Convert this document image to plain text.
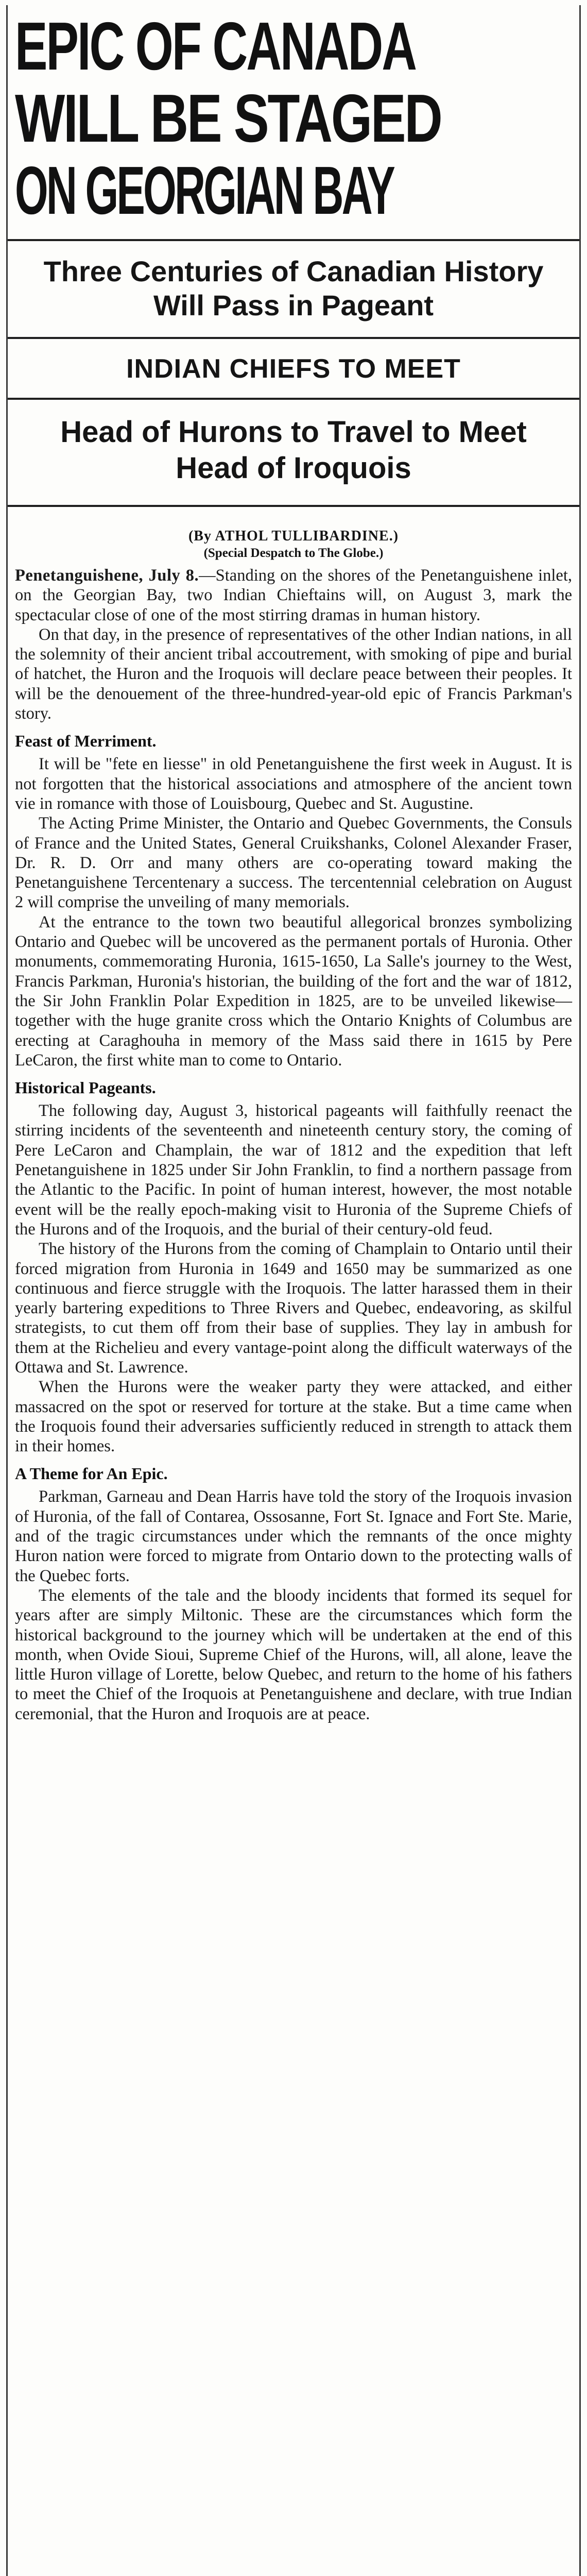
EPIC OF CANADA
WILL BE STAGED
ON GEORGIAN BAY
Three Centuries of Canadian History Will Pass in Pageant
INDIAN CHIEFS TO MEET
Head of Hurons to Travel to Meet Head of Iroquois
(By ATHOL TULLIBARDINE.)
(Special Despatch to The Globe.)

Penetanguishene, July 8.—Standing on the shores of the Penetanguishene inlet, on the Georgian Bay, two Indian Chieftains will, on August 3, mark the spectacular close of one of the most stirring dramas in human history.

On that day, in the presence of representatives of the other Indian nations, in all the solemnity of their ancient tribal accoutrement, with smoking of pipe and burial of hatchet, the Huron and the Iroquois will declare peace between their peoples. It will be the denouement of the three-hundred-year-old epic of Francis Parkman's story.

Feast of Merriment.

It will be "fete en liesse" in old Penetanguishene the first week in August. It is not forgotten that the historical associations and atmosphere of the ancient town vie in romance with those of Louisbourg, Quebec and St. Augustine.

The Acting Prime Minister, the Ontario and Quebec Governments, the Consuls of France and the United States, General Cruikshanks, Colonel Alexander Fraser, Dr. R. D. Orr and many others are co-operating toward making the Penetanguishene Tercentenary a success. The tercentennial celebration on August 2 will comprise the unveiling of many memorials.

At the entrance to the town two beautiful allegorical bronzes symbolizing Ontario and Quebec will be uncovered as the permanent portals of Huronia. Other monuments, commemorating Huronia, 1615-1650, La Salle's journey to the West, Francis Parkman, Huronia's historian, the building of the fort and the war of 1812, the Sir John Franklin Polar Expedition in 1825, are to be unveiled likewise—together with the huge granite cross which the Ontario Knights of Columbus are erecting at Caraghouha in memory of the Mass said there in 1615 by Pere LeCaron, the first white man to come to Ontario.

Historical Pageants.

The following day, August 3, historical pageants will faithfully reenact the stirring incidents of the seventeenth and nineteenth century story, the coming of Pere LeCaron and Champlain, the war of 1812 and the expedition that left Penetanguishene in 1825 under Sir John Franklin, to find a northern passage from the Atlantic to the Pacific. In point of human interest, however, the most notable event will be the really epoch-making visit to Huronia of the Supreme Chiefs of the Hurons and of the Iroquois, and the burial of their century-old feud.

The history of the Hurons from the coming of Champlain to Ontario until their forced migration from Huronia in 1649 and 1650 may be summarized as one continuous and fierce struggle with the Iroquois. The latter harassed them in their yearly bartering expeditions to Three Rivers and Quebec, endeavoring, as skilful strategists, to cut them off from their base of supplies. They lay in ambush for them at the Richelieu and every vantage-point along the difficult waterways of the Ottawa and St. Lawrence.

When the Hurons were the weaker party they were attacked, and either massacred on the spot or reserved for torture at the stake. But a time came when the Iroquois found their adversaries sufficiently reduced in strength to attack them in their homes.

A Theme for An Epic.

Parkman, Garneau and Dean Harris have told the story of the Iroquois invasion of Huronia, of the fall of Contarea, Ossosanne, Fort St. Ignace and Fort Ste. Marie, and of the tragic circumstances under which the remnants of the once mighty Huron nation were forced to migrate from Ontario down to the protecting walls of the Quebec forts.

The elements of the tale and the bloody incidents that formed its sequel for years after are simply Miltonic. These are the circumstances which form the historical background to the journey which will be undertaken at the end of this month, when Ovide Sioui, Supreme Chief of the Hurons, will, all alone, leave the little Huron village of Lorette, below Quebec, and return to the home of his fathers to meet the Chief of the Iroquois at Penetanguishene and declare, with true Indian ceremonial, that the Huron and Iroquois are at peace.
